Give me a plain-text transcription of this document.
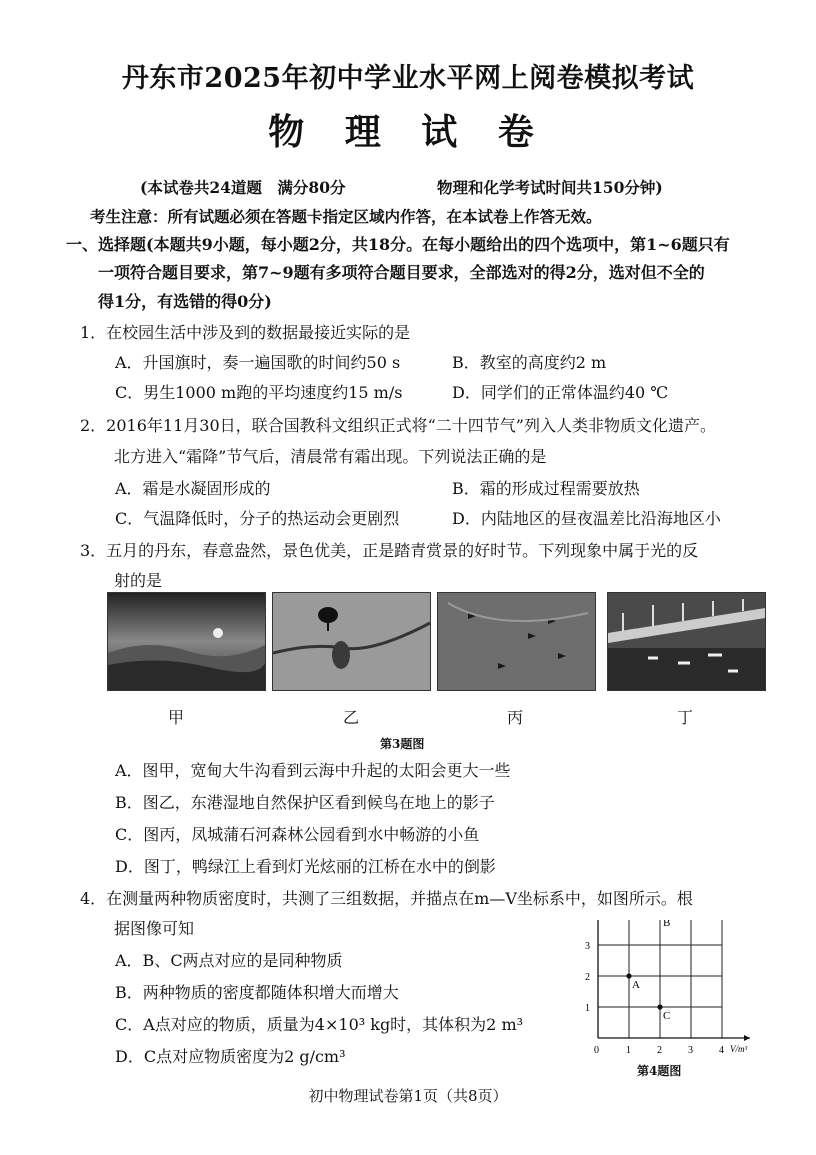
丹东市2025年初中学业水平网上阅卷模拟考试
物 理 试 卷
(本试卷共24道题　满分80分	物理和化学考试时间共150分钟)
考生注意：所有试题必须在答题卡指定区域内作答，在本试卷上作答无效。
一、选择题(本题共9小题，每小题2分，共18分。在每小题给出的四个选项中，第1~6题只有
一项符合题目要求，第7~9题有多项符合题目要求，全部选对的得2分，选对但不全的
得1分，有选错的得0分)
1．在校园生活中涉及到的数据最接近实际的是
A．升国旗时，奏一遍国歌的时间约50 s	B．教室的高度约2 m
C．男生1000 m跑的平均速度约15 m/s	D．同学们的正常体温约40 ℃
2．2016年11月30日，联合国教科文组织正式将“二十四节气”列入人类非物质文化遗产。
北方进入“霜降”节气后，清晨常有霜出现。下列说法正确的是
A．霜是水凝固形成的	B．霜的形成过程需要放热
C．气温降低时，分子的热运动会更剧烈	D．内陆地区的昼夜温差比沿海地区小
3．五月的丹东，春意盎然，景色优美，正是踏青赏景的好时节。下列现象中属于光的反
射的是
甲	乙	丙	丁
第3题图
A．图甲，宽甸大牛沟看到云海中升起的太阳会更大一些
B．图乙，东港湿地自然保护区看到候鸟在地上的影子
C．图丙，凤城蒲石河森林公园看到水中畅游的小鱼
D．图丁，鸭绿江上看到灯光炫丽的江桥在水中的倒影
4．在测量两种物质密度时，共测了三组数据，并描点在m—V坐标系中，如图所示。根
据图像可知
A．B、C两点对应的是同种物质
B．两种物质的密度都随体积增大而增大
C．A点对应的物质，质量为4×10³ kg时，其体积为2 m³
D．C点对应物质密度为2 g/cm³	0	1	2	3	4
1
2
3
V/m³
A
B
C
第4题图
初中物理试卷第1页（共8页）
